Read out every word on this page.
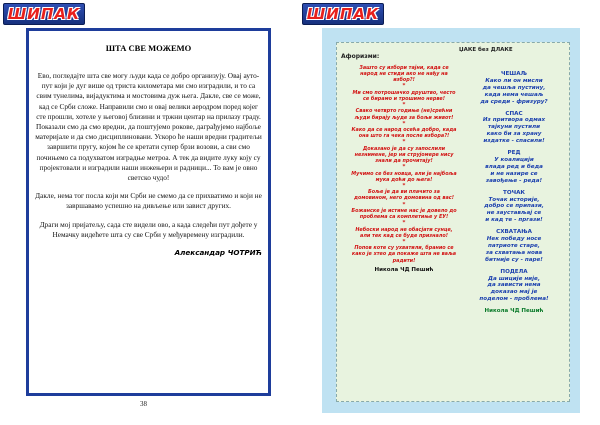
ШИПАК
ШТА СВЕ МОЖЕМО

Ево, погледајте шта све могу људи када се добро организују. Овај ауто-пут који је дуг више од триста километара ми смо изградили, и то са свим тунелима, вијадуктима и мостовима дуж њега. Дакле, све се може, кад се Срби сложе. Направили смо и овај велики аеродром поред којег сте прошли, хотеле у његовој близини и тржни центар на прилазу граду. Показали смо да смо вредни, да поштујемо рокове, даграђујемо најбоље материјале и да смо дисциплиновани. Ускоро ће наши вредни градитељи завршити пругу, којом ће се кретати супер брзи возови, а сви смо почињемо са подухватом изградње метроа. А тек да видите луку коју су пројектовали и изградили наши инжењери и радници... То вам је овно светско чудо!

Дакле, нема тог посла који ми Срби не смемо да се прихватимо и који не завршавамо успешно на дивљење или завист других.

Драги мој пријатељу, сада сте видели ово, а када следећи пут дођете у Немачку видећете шта су све Срби у међувремену изградили.

Александар ЧОТРИЋ
38
ШИПАК
ЏАКЕ без ДЛАКЕ
Афоризми:

Зашто су избори тајни, када се народ не стиди ако не нађу на избор?!

*

Ми смо потрошачко друштво, често се бирамо и трошимо нерве!

*

Свако четврто годиње (не)срећни људи бирају људе за бољи живот!

*

Како да се народ осећа добро, када она што га чека после избора?!

*

Доказано је да су запослили незнимене, јер ни струјомере нису знали да прочитају!

*

Мучимо се без новца, али је најбоља мука доћи до њега!

*

Боље је да ви плачито за домовином, него домовина од вас!

*

Божанске је истине нас је довело до проблема са комплетиње у ЕУ!

*

Небоски народ не обасјати сунце, али тек кад се буде признало!

*

Попов коте су ухватили, бранио се како је хтео да покаже шта не ваља радити!

Никола ЧД Пешић
ЧЕШАЉ
Како ли он мисли
да чешља пустину,
када нема чешаљ
да среди - фризуру?
СПАС
Из притвора одмах
тајкуни пустили
како би за храну
издатке - спасили!
РЕД
У коалицији
влада ред и беда
и не назире се
завођење - реда!
ТОЧАК
Точак историје,
добро се припази,
не заустављај се
и кад те - пргази!
СХВАТАЊА
Нек победу носе
патриоте старе,
за схватања нова
битније су - паре!
ПОДЕЛА
Да шиције није,
да зависти нема
доказао мај је
поделом - проблема!
Никола ЧД Пешић
